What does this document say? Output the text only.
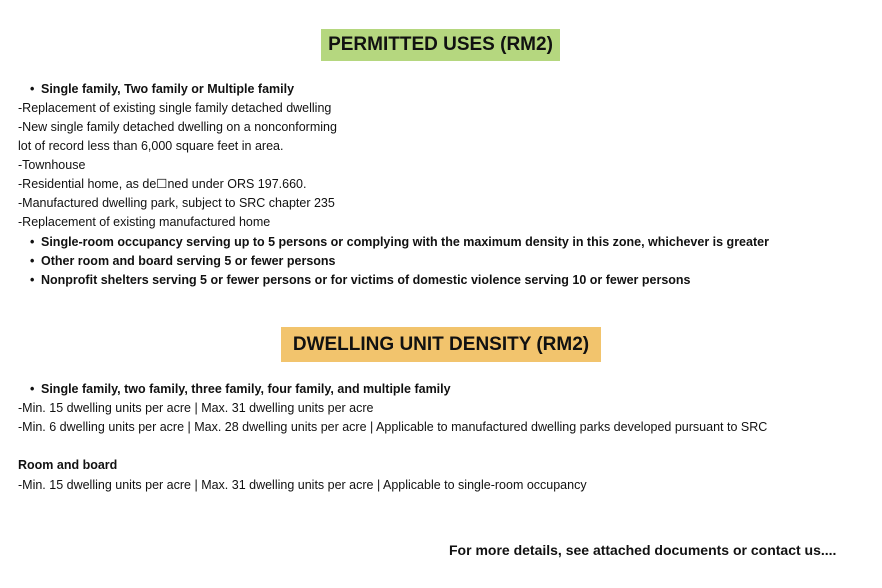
PERMITTED USES (RM2)
• Single family, Two family or Multiple family
-Replacement of existing single family detached dwelling
-New single family detached dwelling on a nonconforming
lot of record less than 6,000 square feet in area.
-Townhouse
-Residential home, as de☐ned under ORS 197.660.
-Manufactured dwelling park, subject to SRC chapter 235
-Replacement of existing manufactured home
• Single-room occupancy serving up to 5 persons or complying with the maximum density in this zone, whichever is greater
• Other room and board serving 5 or fewer persons
• Nonprofit shelters serving 5 or fewer persons or for victims of domestic violence serving 10 or fewer persons
DWELLING UNIT DENSITY (RM2)
• Single family, two family, three family, four family, and multiple family
-Min. 15 dwelling units per acre | Max. 31 dwelling units per acre
-Min. 6 dwelling units per acre | Max. 28 dwelling units per acre | Applicable to manufactured dwelling parks developed pursuant to SRC
Room and board
-Min. 15 dwelling units per acre | Max. 31 dwelling units per acre | Applicable to single-room occupancy
For more details, see attached documents or contact us....
